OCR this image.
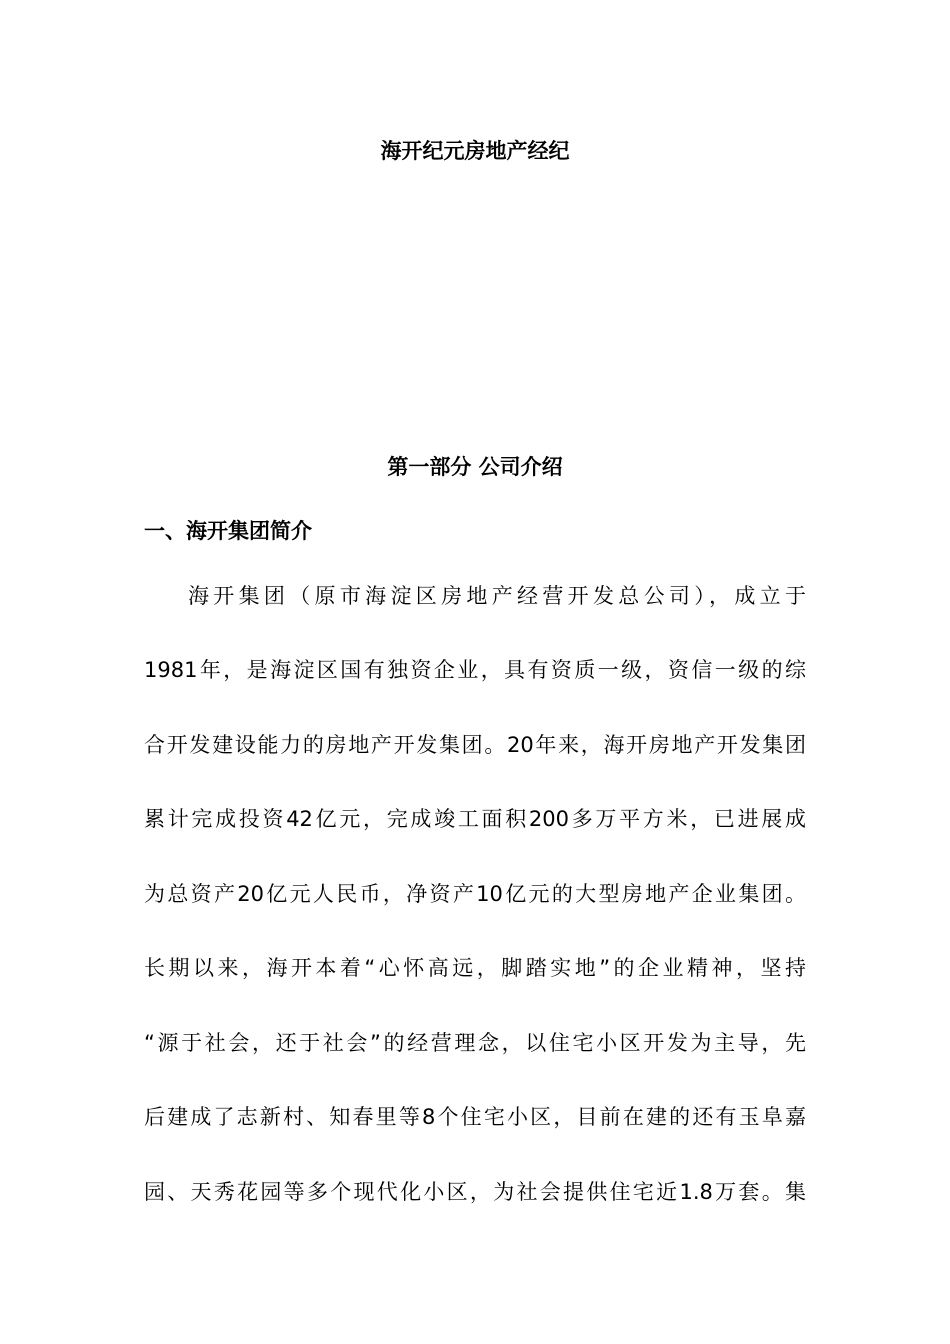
海开纪元房地产经纪
第一部分 公司介绍
一、海开集团简介
海开集团（原市海淀区房地产经营开发总公司），成立于
1981年，是海淀区国有独资企业，具有资质一级，资信一级的综
合开发建设能力的房地产开发集团。20年来，海开房地产开发集团
累计完成投资42亿元，完成竣工面积200多万平方米，已进展成
为总资产20亿元人民币，净资产10亿元的大型房地产企业集团。
长期以来，海开本着“心怀高远，脚踏实地”的企业精神，坚持
“源于社会，还于社会”的经营理念，以住宅小区开发为主导，先
后建成了志新村、知春里等8个住宅小区，目前在建的还有玉阜嘉
园、天秀花园等多个现代化小区，为社会提供住宅近1.8万套。集
